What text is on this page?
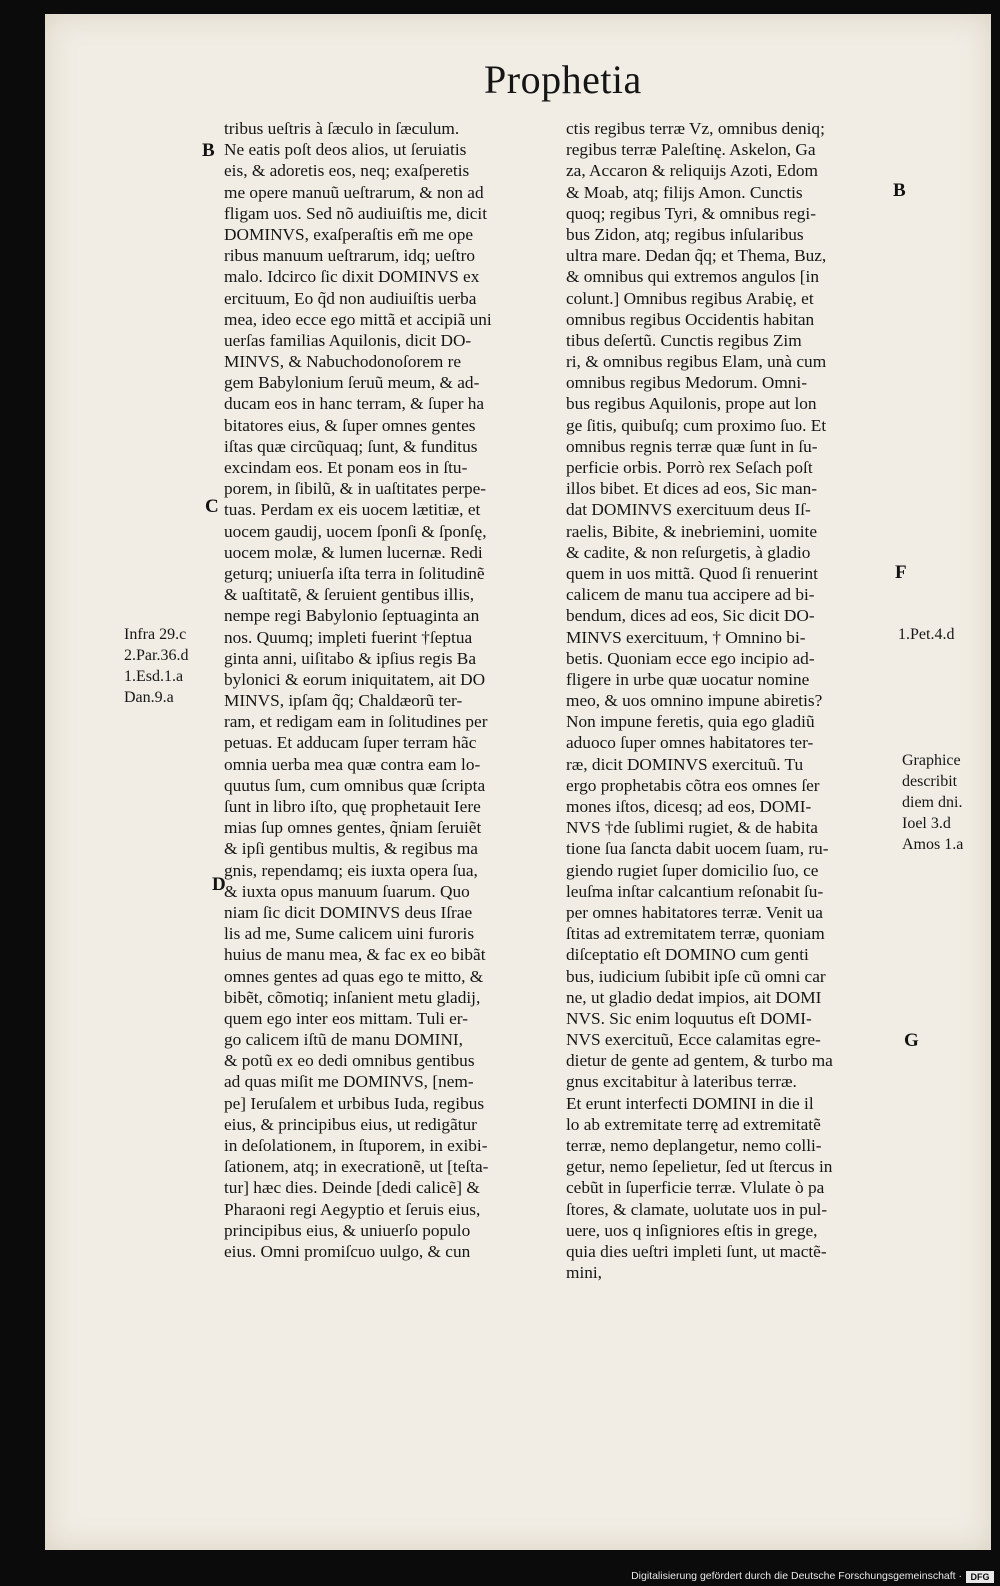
Prophetia
tribus ueſtris à ſæculo in ſæculum.
Ne eatis poſt deos alios, ut ſeruiatis
eis, & adoretis eos, neq; exaſperetis
me opere manuũ ueſtrarum, & non ad
fligam uos. Sed nõ audiuiſtis me, dicit
DOMINVS, exaſperaſtis em̃ me ope
ribus manuum ueſtrarum, idq; ueſtro
malo. Idcirco ſic dixit DOMINVS ex
ercituum, Eo q̃d non audiuiſtis uerba
mea, ideo ecce ego mittã et accipiã uni
uerſas familias Aquilonis, dicit DO-
MINVS, & Nabuchodonoſorem re
gem Babylonium ſeruũ meum, & ad-
ducam eos in hanc terram, & ſuper ha
bitatores eius, & ſuper omnes gentes
iſtas quæ circũquaq; ſunt, & funditus
excindam eos. Et ponam eos in ſtu-
porem, in ſibilũ, & in uaſtitates perpe-
tuas. Perdam ex eis uocem lætitiæ, et
uocem gaudij, uocem ſponſi & ſponſę,
uocem molæ, & lumen lucernæ. Redi
geturq; uniuerſa iſta terra in ſolitudinẽ
& uaſtitatẽ, & ſeruient gentibus illis,
nempe regi Babylonio ſeptuaginta an
nos. Quumq; impleti fuerint †ſeptua
ginta anni, uiſitabo & ipſius regis Ba
bylonici & eorum iniquitatem, ait DO
MINVS, ipſam q̃q; Chaldæorũ ter-
ram, et redigam eam in ſolitudines per
petuas. Et adducam ſuper terram hãc
omnia uerba mea quæ contra eam lo-
quutus ſum, cum omnibus quæ ſcripta
ſunt in libro iſto, quę prophetauit Iere
mias ſup omnes gentes, q̃niam ſeruiẽt
& ipſi gentibus multis, & regibus ma
gnis, rependamq; eis iuxta opera ſua,
& iuxta opus manuum ſuarum. Quo
niam ſic dicit DOMINVS deus Iſrae
lis ad me, Sume calicem uini furoris
huius de manu mea, & fac ex eo bibãt
omnes gentes ad quas ego te mitto, &
bibẽt, cõmotiq; inſanient metu gladij,
quem ego inter eos mittam. Tuli er-
go calicem iſtũ de manu DOMINI,
& potũ ex eo dedi omnibus gentibus
ad quas miſit me DOMINVS, [nem-
pe] Ieruſalem et urbibus Iuda, regibus
eius, & principibus eius, ut redigãtur
in deſolationem, in ſtuporem, in exibi-
ſationem, atq; in execrationẽ, ut [teſta-
tur] hæc dies. Deinde [dedi calicẽ] &
Pharaoni regi Aegyptio et ſeruis eius,
principibus eius, & uniuerſo populo
eius. Omni promiſcuo uulgo, & cun
ctis regibus terræ Vz, omnibus deniq;
regibus terræ Paleſtinę. Askelon, Ga
za, Accaron & reliquijs Azoti, Edom
& Moab, atq; filijs Amon. Cunctis
quoq; regibus Tyri, & omnibus regi-
bus Zidon, atq; regibus inſularibus
ultra mare. Dedan q̃q; et Thema, Buz,
& omnibus qui extremos angulos [in
colunt.] Omnibus regibus Arabię, et
omnibus regibus Occidentis habitan
tibus deſertũ. Cunctis regibus Zim
ri, & omnibus regibus Elam, unà cum
omnibus regibus Medorum. Omni-
bus regibus Aquilonis, prope aut lon
ge ſitis, quibuſq; cum proximo ſuo. Et
omnibus regnis terræ quæ ſunt in ſu-
perficie orbis. Porrò rex Seſach poſt
illos bibet. Et dices ad eos, Sic man-
dat DOMINVS exercituum deus Iſ-
raelis, Bibite, & inebriemini, uomite
& cadite, & non reſurgetis, à gladio
quem in uos mittã. Quod ſi renuerint
calicem de manu tua accipere ad bi-
bendum, dices ad eos, Sic dicit DO-
MINVS exercituum, † Omnino bi-
betis. Quoniam ecce ego incipio ad-
fligere in urbe quæ uocatur nomine
meo, & uos omnino impune abiretis?
Non impune feretis, quia ego gladiũ
aduoco ſuper omnes habitatores ter-
ræ, dicit DOMINVS exercituũ. Tu
ergo prophetabis cõtra eos omnes ſer
mones iſtos, dicesq; ad eos, DOMI-
NVS †de ſublimi rugiet, & de habita
tione ſua ſancta dabit uocem ſuam, ru-
giendo rugiet ſuper domicilio ſuo, ce
leuſma inſtar calcantium reſonabit ſu-
per omnes habitatores terræ. Venit ua
ſtitas ad extremitatem terræ, quoniam
diſceptatio eſt DOMINO cum genti
bus, iudicium ſubibit ipſe cũ omni car
ne, ut gladio dedat impios, ait DOMI
NVS. Sic enim loquutus eſt DOMI-
NVS exercituũ, Ecce calamitas egre-
dietur de gente ad gentem, & turbo ma
gnus excitabitur à lateribus terræ.
Et erunt interfecti DOMINI in die il
lo ab extremitate terrę ad extremitatẽ
terræ, nemo deplangetur, nemo colli-
getur, nemo ſepelietur, ſed ut ſtercus in
cebũt in ſuperficie terræ. Vlulate ò pa
ſtores, & clamate, uolutate uos in pul-
uere, uos q inſigniores eſtis in grege,
quia dies ueſtri impleti ſunt, ut mactẽ-
mini,
B
C
D
B
F
G
Infra 29.c
2.Par.36.d
1.Esd.1.a
Dan.9.a
1.Pet.4.d
Graphice
describit
diem dni.
Ioel 3.d
Amos 1.a
Digitalisierung gefördert durch die Deutsche Forschungsgemeinschaft · DFG
